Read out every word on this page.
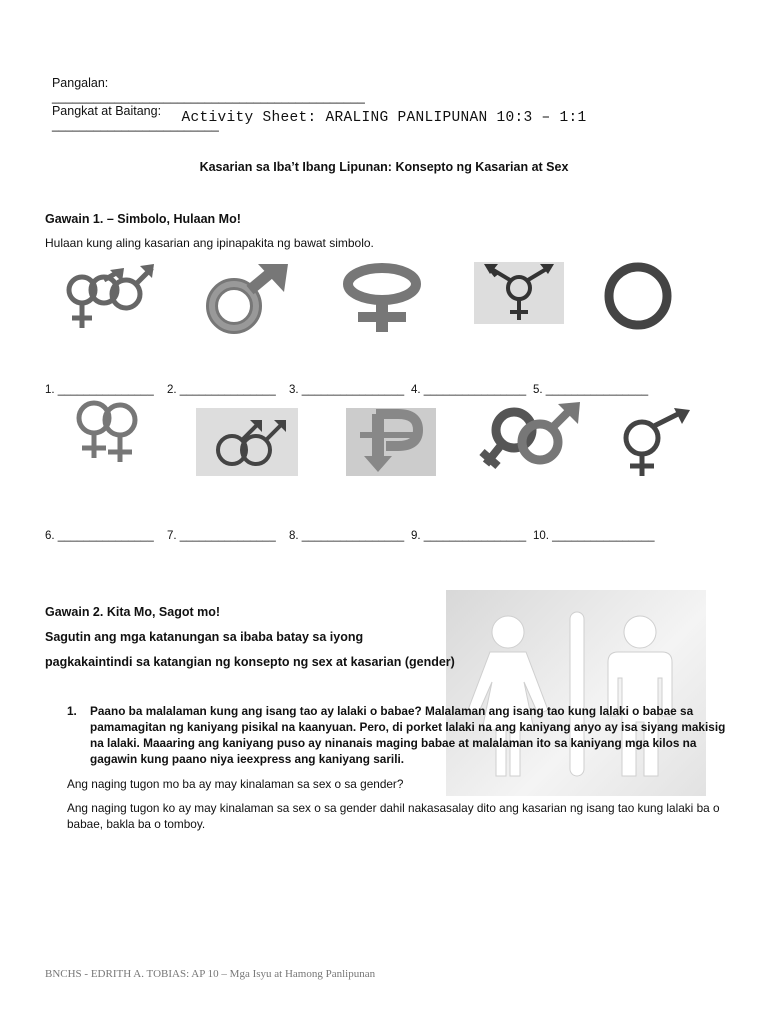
Pangalan:
_____________________________________________
Pangkat at Baitang:
________________________

Activity Sheet: ARALING PANLIPUNAN 10:3 – 1:1
Kasarian sa Iba’t Ibang Lipunan: Konsepto ng Kasarian at Sex
Gawain 1. – Simbolo, Hulaan Mo!
Hulaan kung aling kasarian ang ipinapakita ng bawat simbolo.
1. _______________ 2. _______________ 3. ________________ 4. ________________ 5. ________________
6. _______________ 7. _______________ 8. ________________ 9. ________________ 10. ________________
Gawain 2. Kita Mo, Sagot mo!
Sagutin ang mga katanungan sa ibaba batay sa iyong
pagkakaintindi sa katangian ng konsepto ng sex at kasarian (gender)
1. Paano ba malalaman kung ang isang tao ay lalaki o babae? Malalaman ang isang tao kung lalaki o babae sa pamamagitan ng kaniyang pisikal na kaanyuan. Pero, di porket lalaki na ang kaniyang anyo ay isa siyang makisig na lalaki. Maaaring ang kaniyang puso ay ninanais maging babae at malalaman ito sa kaniyang mga kilos na gagawin kung paano niya ieexpress ang kaniyang sarili.
Ang naging tugon mo ba ay may kinalaman sa sex o sa gender?
Ang naging tugon ko ay may kinalaman sa sex o sa gender dahil nakasasalay dito ang kasarian ng isang tao kung lalaki ba o babae, bakla ba o tomboy.
BNCHS - EDRITH A. TOBIAS: AP 10 – Mga Isyu at Hamong Panlipunan
